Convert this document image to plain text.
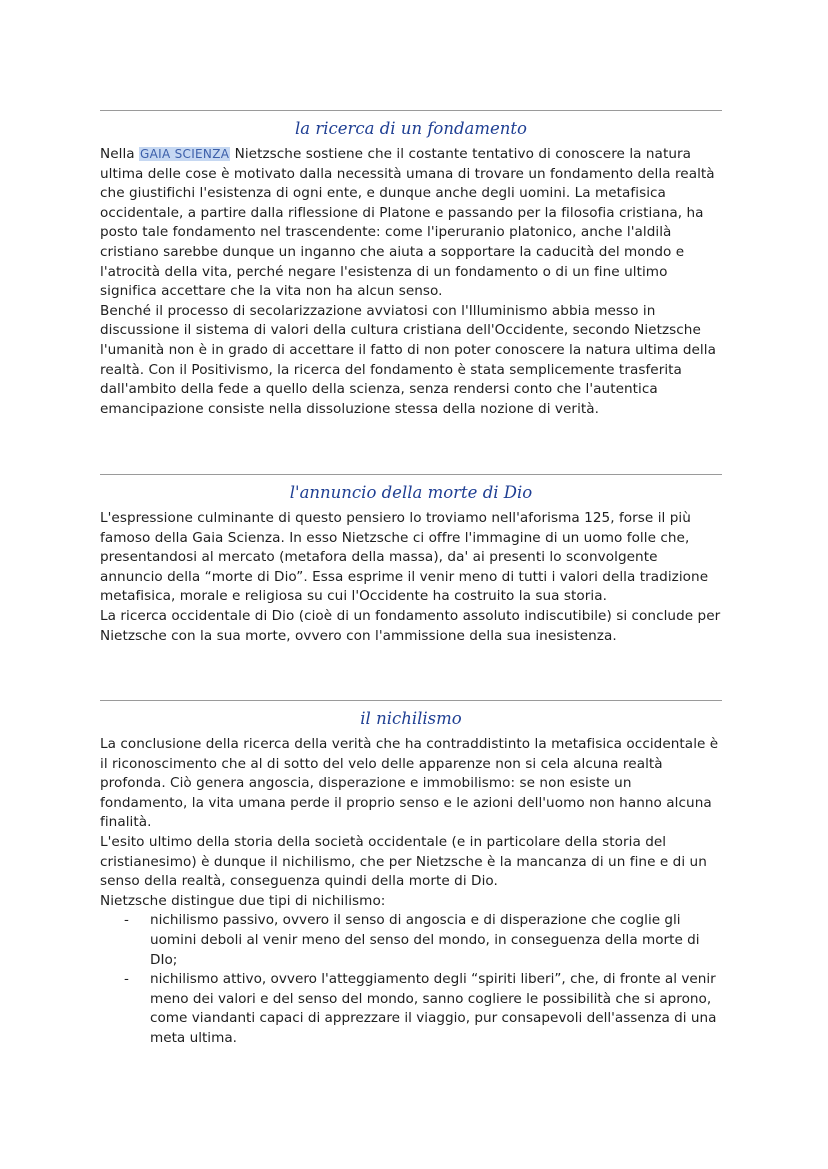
la ricerca di un fondamento

Nella GAIA SCIENZA Nietzsche sostiene che il costante tentativo di conoscere la natura ultima delle cose è motivato dalla necessità umana di trovare un fondamento della realtà che giustifichi l'esistenza di ogni ente, e dunque anche degli uomini. La metafisica occidentale, a partire dalla riflessione di Platone e passando per la filosofia cristiana, ha posto tale fondamento nel trascendente: come l'iperuranio platonico, anche l'aldilà cristiano sarebbe dunque un inganno che aiuta a sopportare la caducità del mondo e l'atrocità della vita, perché negare l'esistenza di un fondamento o di un fine ultimo significa accettare che la vita non ha alcun senso.

Benché il processo di secolarizzazione avviatosi con l'Illuminismo abbia messo in discussione il sistema di valori della cultura cristiana dell'Occidente, secondo Nietzsche l'umanità non è in grado di accettare il fatto di non poter conoscere la natura ultima della realtà. Con il Positivismo, la ricerca del fondamento è stata semplicemente trasferita dall'ambito della fede a quello della scienza, senza rendersi conto che l'autentica emancipazione consiste nella dissoluzione stessa della nozione di verità.

l'annuncio della morte di Dio

L'espressione culminante di questo pensiero lo troviamo nell'aforisma 125, forse il più famoso della Gaia Scienza. In esso Nietzsche ci offre l'immagine di un uomo folle che, presentandosi al mercato (metafora della massa), da' ai presenti lo sconvolgente annuncio della “morte di Dio”. Essa esprime il venir meno di tutti i valori della tradizione metafisica, morale e religiosa su cui l'Occidente ha costruito la sua storia.

La ricerca occidentale di Dio (cioè di un fondamento assoluto indiscutibile) si conclude per Nietzsche con la sua morte, ovvero con l'ammissione della sua inesistenza.

il nichilismo

La conclusione della ricerca della verità che ha contraddistinto la metafisica occidentale è il riconoscimento che al di sotto del velo delle apparenze non si cela alcuna realtà profonda. Ciò genera angoscia, disperazione e immobilismo: se non esiste un fondamento, la vita umana perde il proprio senso e le azioni dell'uomo non hanno alcuna finalità.

L'esito ultimo della storia della società occidentale (e in particolare della storia del cristianesimo) è dunque il nichilismo, che per Nietzsche è la mancanza di un fine e di un senso della realtà, conseguenza quindi della morte di Dio.

Nietzsche distingue due tipi di nichilismo:

- nichilismo passivo, ovvero il senso di angoscia e di disperazione che coglie gli uomini deboli al venir meno del senso del mondo, in conseguenza della morte di DIo;
- nichilismo attivo, ovvero l'atteggiamento degli “spiriti liberi”, che, di fronte al venir meno dei valori e del senso del mondo, sanno cogliere le possibilità che si aprono, come viandanti capaci di apprezzare il viaggio, pur consapevoli dell'assenza di una meta ultima.
